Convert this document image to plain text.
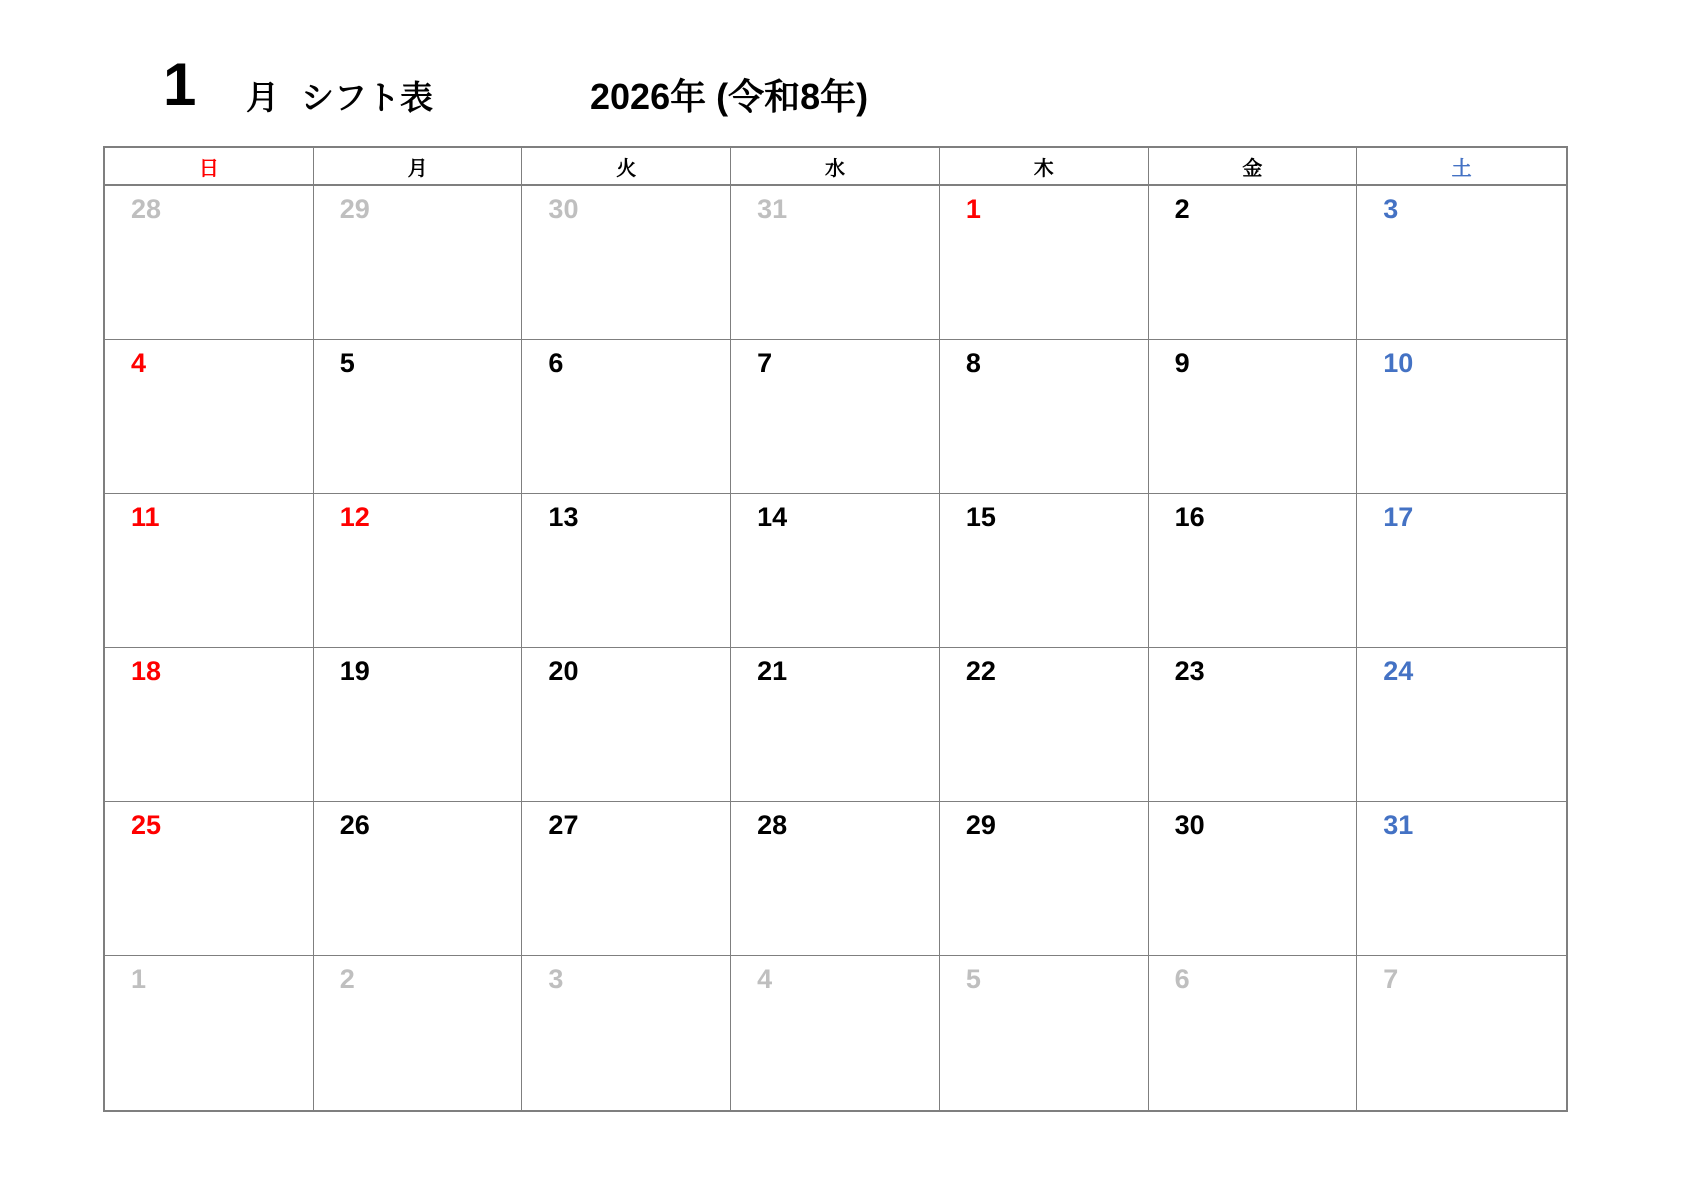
1 月 シフト表	2026年 (令和8年)
日	月	火	水	木	金	土
28	29	30	31	1	2	3
4	5	6	7	8	9	10
11	12	13	14	15	16	17
18	19	20	21	22	23	24
25	26	27	28	29	30	31
1	2	3	4	5	6	7
